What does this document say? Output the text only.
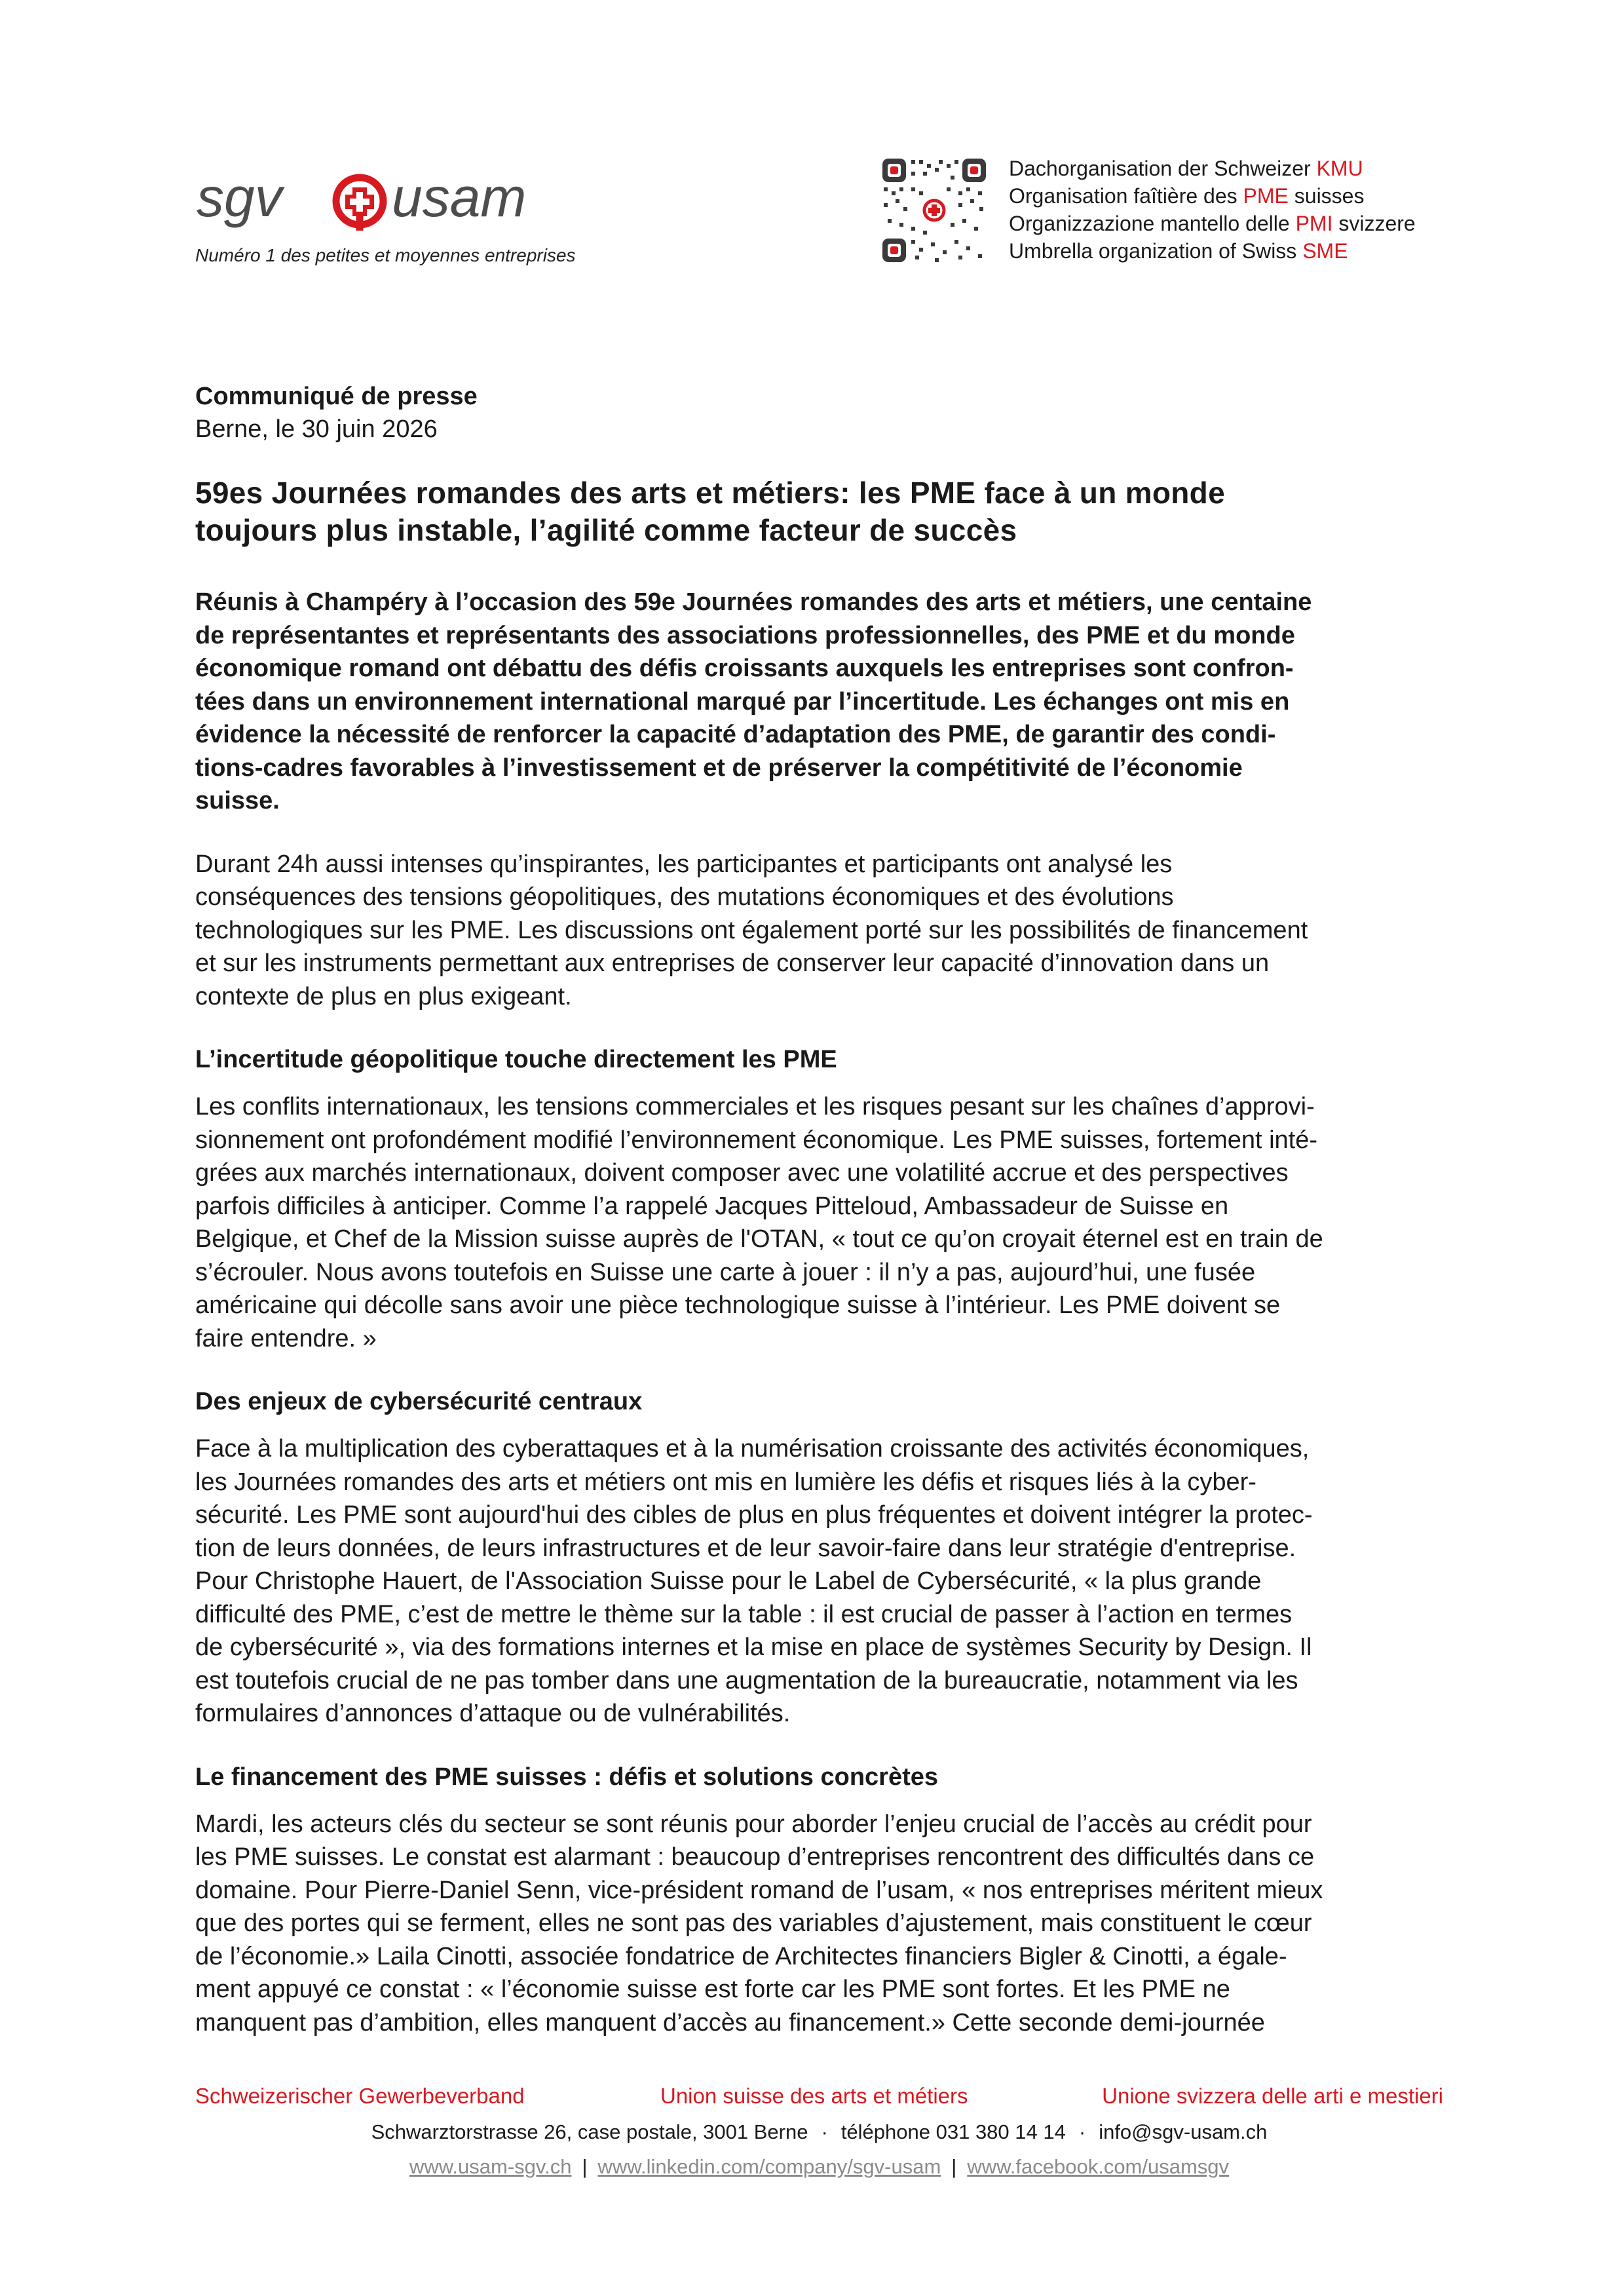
sgv usam
Numéro 1 des petites et moyennes entreprises
Dachorganisation der Schweizer KMU
Organisation faîtière des PME suisses
Organizzazione mantello delle PMI svizzere
Umbrella organization of Swiss SME
Communiqué de presse
Berne, le 30 juin 2026
59es Journées romandes des arts et métiers: les PME face à un monde
toujours plus instable, l’agilité comme facteur de succès
Réunis à Champéry à l’occasion des 59e Journées romandes des arts et métiers, une centaine
de représentantes et représentants des associations professionnelles, des PME et du monde
économique romand ont débattu des défis croissants auxquels les entreprises sont confron-
tées dans un environnement international marqué par l’incertitude. Les échanges ont mis en
évidence la nécessité de renforcer la capacité d’adaptation des PME, de garantir des condi-
tions-cadres favorables à l’investissement et de préserver la compétitivité de l’économie
suisse.
Durant 24h aussi intenses qu’inspirantes, les participantes et participants ont analysé les
conséquences des tensions géopolitiques, des mutations économiques et des évolutions
technologiques sur les PME. Les discussions ont également porté sur les possibilités de financement
et sur les instruments permettant aux entreprises de conserver leur capacité d’innovation dans un
contexte de plus en plus exigeant.
L’incertitude géopolitique touche directement les PME
Les conflits internationaux, les tensions commerciales et les risques pesant sur les chaînes d’approvi-
sionnement ont profondément modifié l’environnement économique. Les PME suisses, fortement inté-
grées aux marchés internationaux, doivent composer avec une volatilité accrue et des perspectives
parfois difficiles à anticiper. Comme l’a rappelé Jacques Pitteloud, Ambassadeur de Suisse en
Belgique, et Chef de la Mission suisse auprès de l'OTAN, « tout ce qu’on croyait éternel est en train de
s’écrouler. Nous avons toutefois en Suisse une carte à jouer : il n’y a pas, aujourd’hui, une fusée
américaine qui décolle sans avoir une pièce technologique suisse à l’intérieur. Les PME doivent se
faire entendre. »
Des enjeux de cybersécurité centraux
Face à la multiplication des cyberattaques et à la numérisation croissante des activités économiques,
les Journées romandes des arts et métiers ont mis en lumière les défis et risques liés à la cyber-
sécurité. Les PME sont aujourd'hui des cibles de plus en plus fréquentes et doivent intégrer la protec-
tion de leurs données, de leurs infrastructures et de leur savoir-faire dans leur stratégie d'entreprise.
Pour Christophe Hauert, de l'Association Suisse pour le Label de Cybersécurité, « la plus grande
difficulté des PME, c’est de mettre le thème sur la table : il est crucial de passer à l’action en termes
de cybersécurité », via des formations internes et la mise en place de systèmes Security by Design. Il
est toutefois crucial de ne pas tomber dans une augmentation de la bureaucratie, notamment via les
formulaires d’annonces d’attaque ou de vulnérabilités.
Le financement des PME suisses : défis et solutions concrètes
Mardi, les acteurs clés du secteur se sont réunis pour aborder l’enjeu crucial de l’accès au crédit pour
les PME suisses. Le constat est alarmant : beaucoup d’entreprises rencontrent des difficultés dans ce
domaine. Pour Pierre-Daniel Senn, vice-président romand de l’usam, « nos entreprises méritent mieux
que des portes qui se ferment, elles ne sont pas des variables d’ajustement, mais constituent le cœur
de l’économie.» Laila Cinotti, associée fondatrice de Architectes financiers Bigler & Cinotti, a égale-
ment appuyé ce constat : « l’économie suisse est forte car les PME sont fortes. Et les PME ne
manquent pas d’ambition, elles manquent d’accès au financement.» Cette seconde demi-journée
Schweizerischer Gewerbeverband	Union suisse des arts et métiers	Unione svizzera delle arti e mestieri
Schwarztorstrasse 26, case postale, 3001 Berne · téléphone 031 380 14 14 · info@sgv-usam.ch
www.usam-sgv.ch | www.linkedin.com/company/sgv-usam | www.facebook.com/usamsgv
